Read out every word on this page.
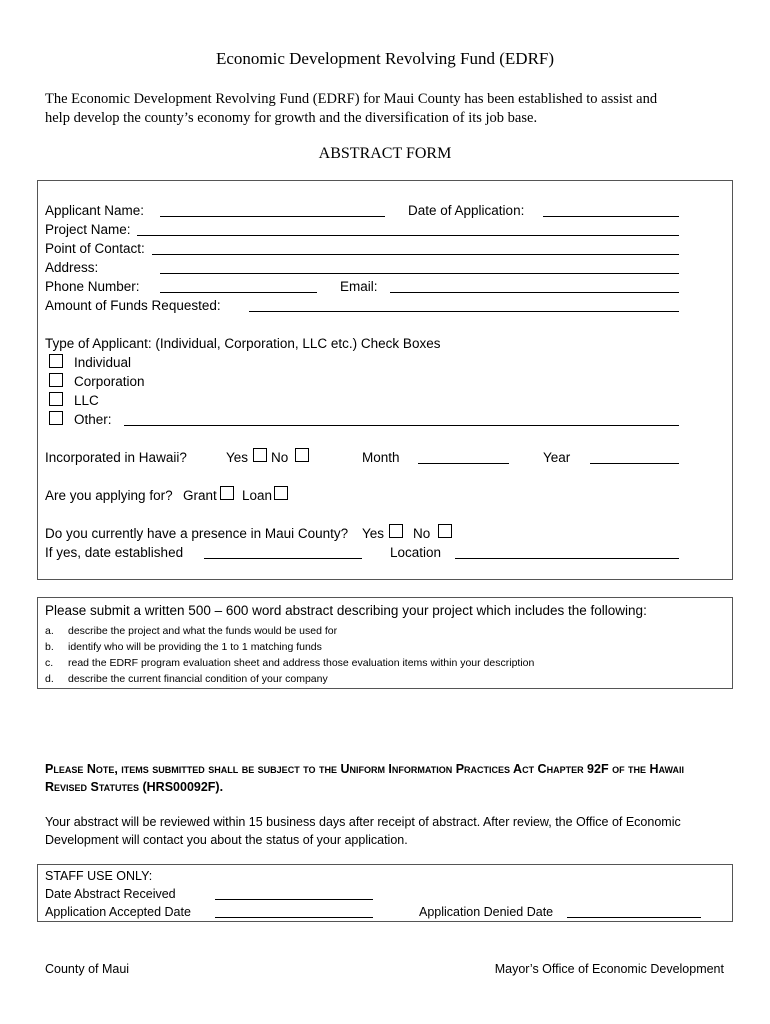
Economic Development Revolving Fund (EDRF)
The Economic Development Revolving Fund (EDRF) for Maui County has been established to assist and
help develop the county’s economy for growth and the diversification of its job base.
ABSTRACT FORM
Applicant Name:	Date of Application:
Project Name:
Point of Contact:
Address:
Phone Number:	Email:
Amount of Funds Requested:
Type of Applicant: (Individual, Corporation, LLC etc.) Check Boxes
Individual
Corporation
LLC
Other:
Incorporated in Hawaii?	Yes No	Month	Year
Are you applying for? Grant Loan
Do you currently have a presence in Maui County? Yes No
If yes, date established	Location
Please submit a written 500 – 600 word abstract describing your project which includes the following:
a. describe the project and what the funds would be used for
b. identify who will be providing the 1 to 1 matching funds
c. read the EDRF program evaluation sheet and address those evaluation items within your description
d. describe the current financial condition of your company
Please Note, items submitted shall be subject to the Uniform Information Practices Act Chapter 92F of the Hawaii
Revised Statutes (HRS00092F).
Your abstract will be reviewed within 15 business days after receipt of abstract. After review, the Office of Economic
Development will contact you about the status of your application.
STAFF USE ONLY:
Date Abstract Received
Application Accepted Date	Application Denied Date
County of Maui	Mayor’s Office of Economic Development
